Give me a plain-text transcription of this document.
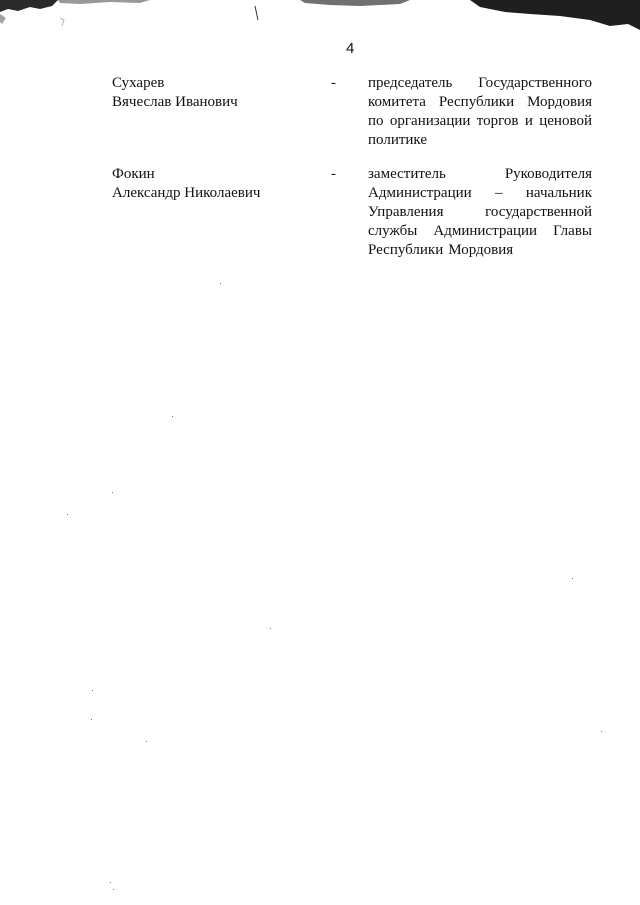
4
Сухарев
Вячеслав Иванович
- председатель Государственного
комитета Республики Мордовия
по организации торгов и ценовой
политике
Фокин
Александр Николаевич
- заместитель	Руководителя
Администрации – начальник
Управления	государственной
службы Администрации Главы
Республики Мордовия
